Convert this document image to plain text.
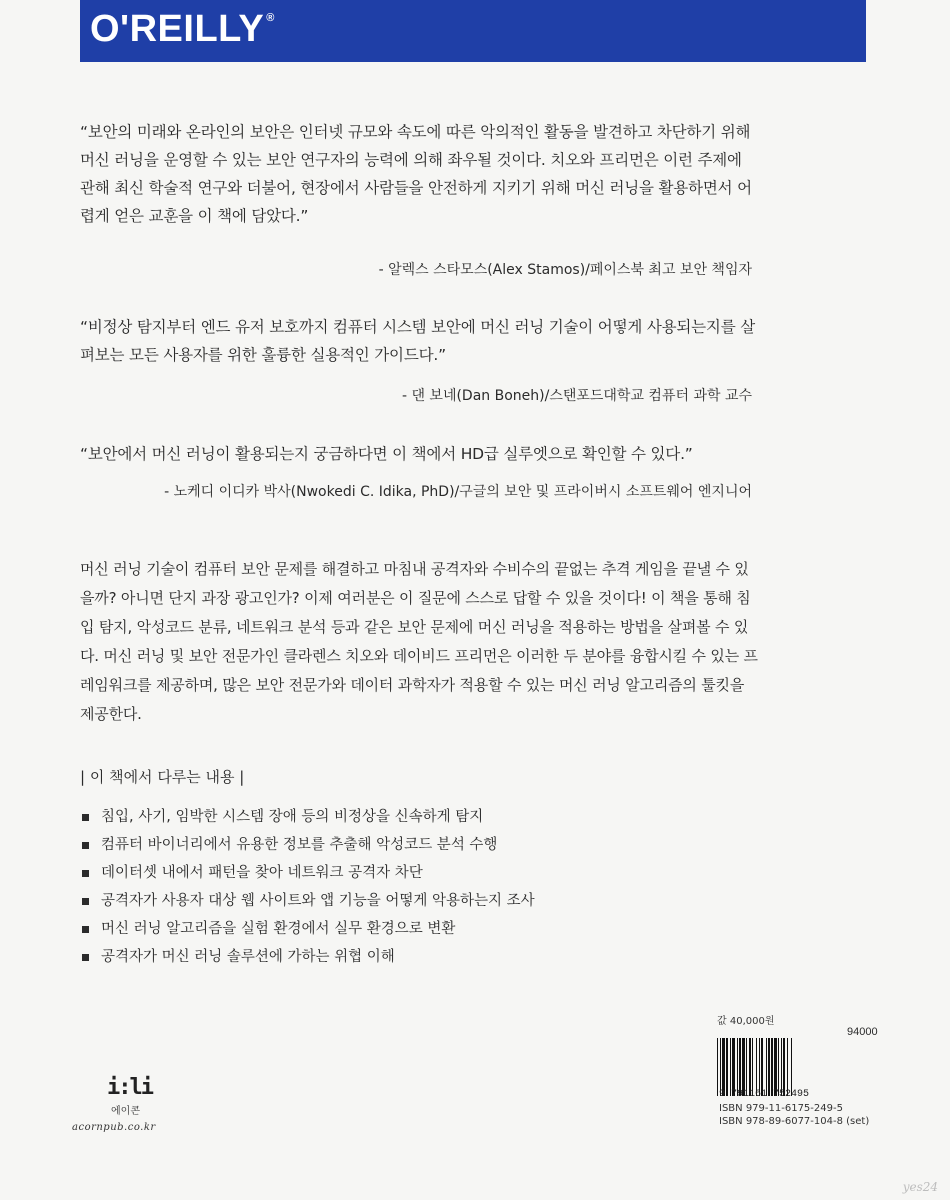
O'REILLY ®
“보안의 미래와 온라인의 보안은 인터넷 규모와 속도에 따른 악의적인 활동을 발견하고 차단하기 위해 머신 러닝을 운영할 수 있는 보안 연구자의 능력에 의해 좌우될 것이다. 치오와 프리먼은 이런 주제에 관해 최신 학술적 연구와 더불어, 현장에서 사람들을 안전하게 지키기 위해 머신 러닝을 활용하면서 어렵게 얻은 교훈을 이 책에 담았다.”
- 알렉스 스타모스(Alex Stamos)/페이스북 최고 보안 책임자
“비정상 탐지부터 엔드 유저 보호까지 컴퓨터 시스템 보안에 머신 러닝 기술이 어떻게 사용되는지를 살펴보는 모든 사용자를 위한 훌륭한 실용적인 가이드다.”
- 댄 보네(Dan Boneh)/스탠포드대학교 컴퓨터 과학 교수
“보안에서 머신 러닝이 활용되는지 궁금하다면 이 책에서 HD급 실루엣으로 확인할 수 있다.”
- 노케디 이디카 박사(Nwokedi C. Idika, PhD)/구글의 보안 및 프라이버시 소프트웨어 엔지니어
머신 러닝 기술이 컴퓨터 보안 문제를 해결하고 마침내 공격자와 수비수의 끝없는 추격 게임을 끝낼 수 있을까? 아니면 단지 과장 광고인가? 이제 여러분은 이 질문에 스스로 답할 수 있을 것이다! 이 책을 통해 침입 탐지, 악성코드 분류, 네트워크 분석 등과 같은 보안 문제에 머신 러닝을 적용하는 방법을 살펴볼 수 있다. 머신 러닝 및 보안 전문가인 클라렌스 치오와 데이비드 프리먼은 이러한 두 분야를 융합시킬 수 있는 프레임워크를 제공하며, 많은 보안 전문가와 데이터 과학자가 적용할 수 있는 머신 러닝 알고리즘의 툴킷을 제공한다.
| 이 책에서 다루는 내용 |
침입, 사기, 임박한 시스템 장애 등의 비정상을 신속하게 탐지
컴퓨터 바이너리에서 유용한 정보를 추출해 악성코드 분석 수행
데이터셋 내에서 패턴을 찾아 네트워크 공격자 차단
공격자가 사용자 대상 웹 사이트와 앱 기능을 어떻게 악용하는지 조사
머신 러닝 알고리즘을 실험 환경에서 실무 환경으로 변환
공격자가 머신 러닝 솔루션에 가하는 위협 이해
i:li
에이콘
acornpub.co.kr
값 40,000원
94000
9 791161 752495
ISBN 979-11-6175-249-5
ISBN 978-89-6077-104-8 (set)
yes24
